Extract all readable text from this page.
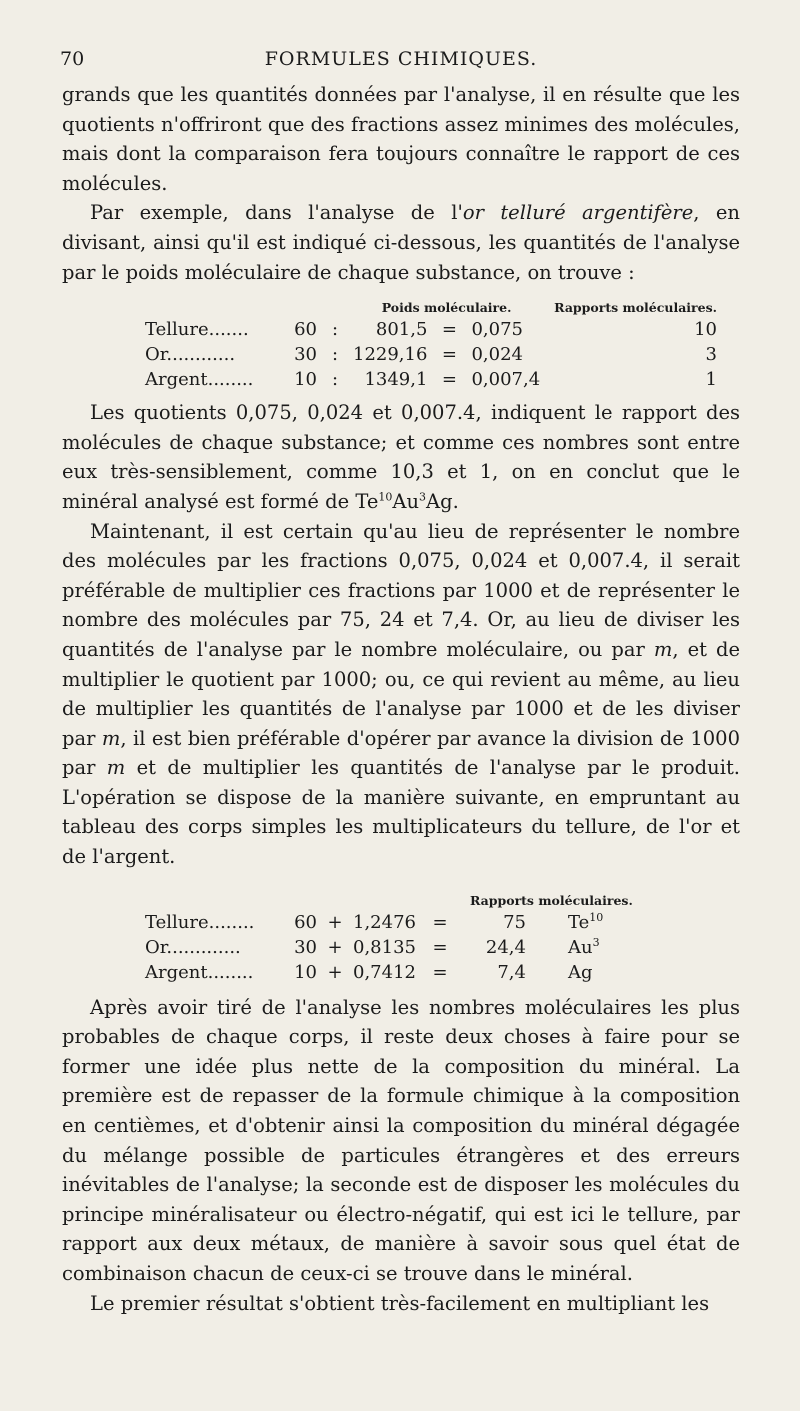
70	FORMULES CHIMIQUES.

grands que les quantités données par l'analyse, il en résulte que les quotients n'offriront que des fractions assez minimes des molécules, mais dont la comparaison fera toujours connaître le rapport de ces molécules.

Par exemple, dans l'analyse de l'or telluré argentifère, en divisant, ainsi qu'il est indiqué ci-dessous, les quantités de l'analyse par le poids moléculaire de chaque substance, on trouve :

			Poids moléculaire.			Rapports moléculaires.
Tellure.......	60	:	801,5	=	0,075	10
Or............	30	:	1229,16	=	0,024	3
Argent........	10	:	1349,1	=	0,007,4	1

Les quotients 0,075, 0,024 et 0,007.4, indiquent le rapport des molécules de chaque substance; et comme ces nombres sont entre eux très-sensiblement, comme 10,3 et 1, on en conclut que le minéral analysé est formé de Te$^{10}$Au$^3$Ag.

Maintenant, il est certain qu'au lieu de représenter le nombre des molécules par les fractions 0,075, 0,024 et 0,007.4, il serait préférable de multiplier ces fractions par 1000 et de représenter le nombre des molécules par 75, 24 et 7,4. Or, au lieu de diviser les quantités de l'analyse par le nombre moléculaire, ou par m, et de multiplier le quotient par 1000; ou, ce qui revient au même, au lieu de multiplier les quantités de l'analyse par 1000 et de les diviser par m, il est bien préférable d'opérer par avance la division de 1000 par m et de multiplier les quantités de l'analyse par le produit. L'opération se dispose de la manière suivante, en empruntant au tableau des corps simples les multiplicateurs du tellure, de l'or et de l'argent.

					Rapports moléculaires.	
Tellure........	60	+	1,2476	=	75	Te$^{10}$
Or.............	30	+	0,8135	=	24,4	Au$^3$
Argent........	10	+	0,7412	=	7,4	Ag

Après avoir tiré de l'analyse les nombres moléculaires les plus probables de chaque corps, il reste deux choses à faire pour se former une idée plus nette de la composition du minéral. La première est de repasser de la formule chimique à la composition en centièmes, et d'obtenir ainsi la composition du minéral dégagée du mélange possible de particules étrangères et des erreurs inévitables de l'analyse; la seconde est de disposer les molécules du principe minéralisateur ou électro-négatif, qui est ici le tellure, par rapport aux deux métaux, de manière à savoir sous quel état de combinaison chacun de ceux-ci se trouve dans le minéral.

Le premier résultat s'obtient très-facilement en multipliant les
